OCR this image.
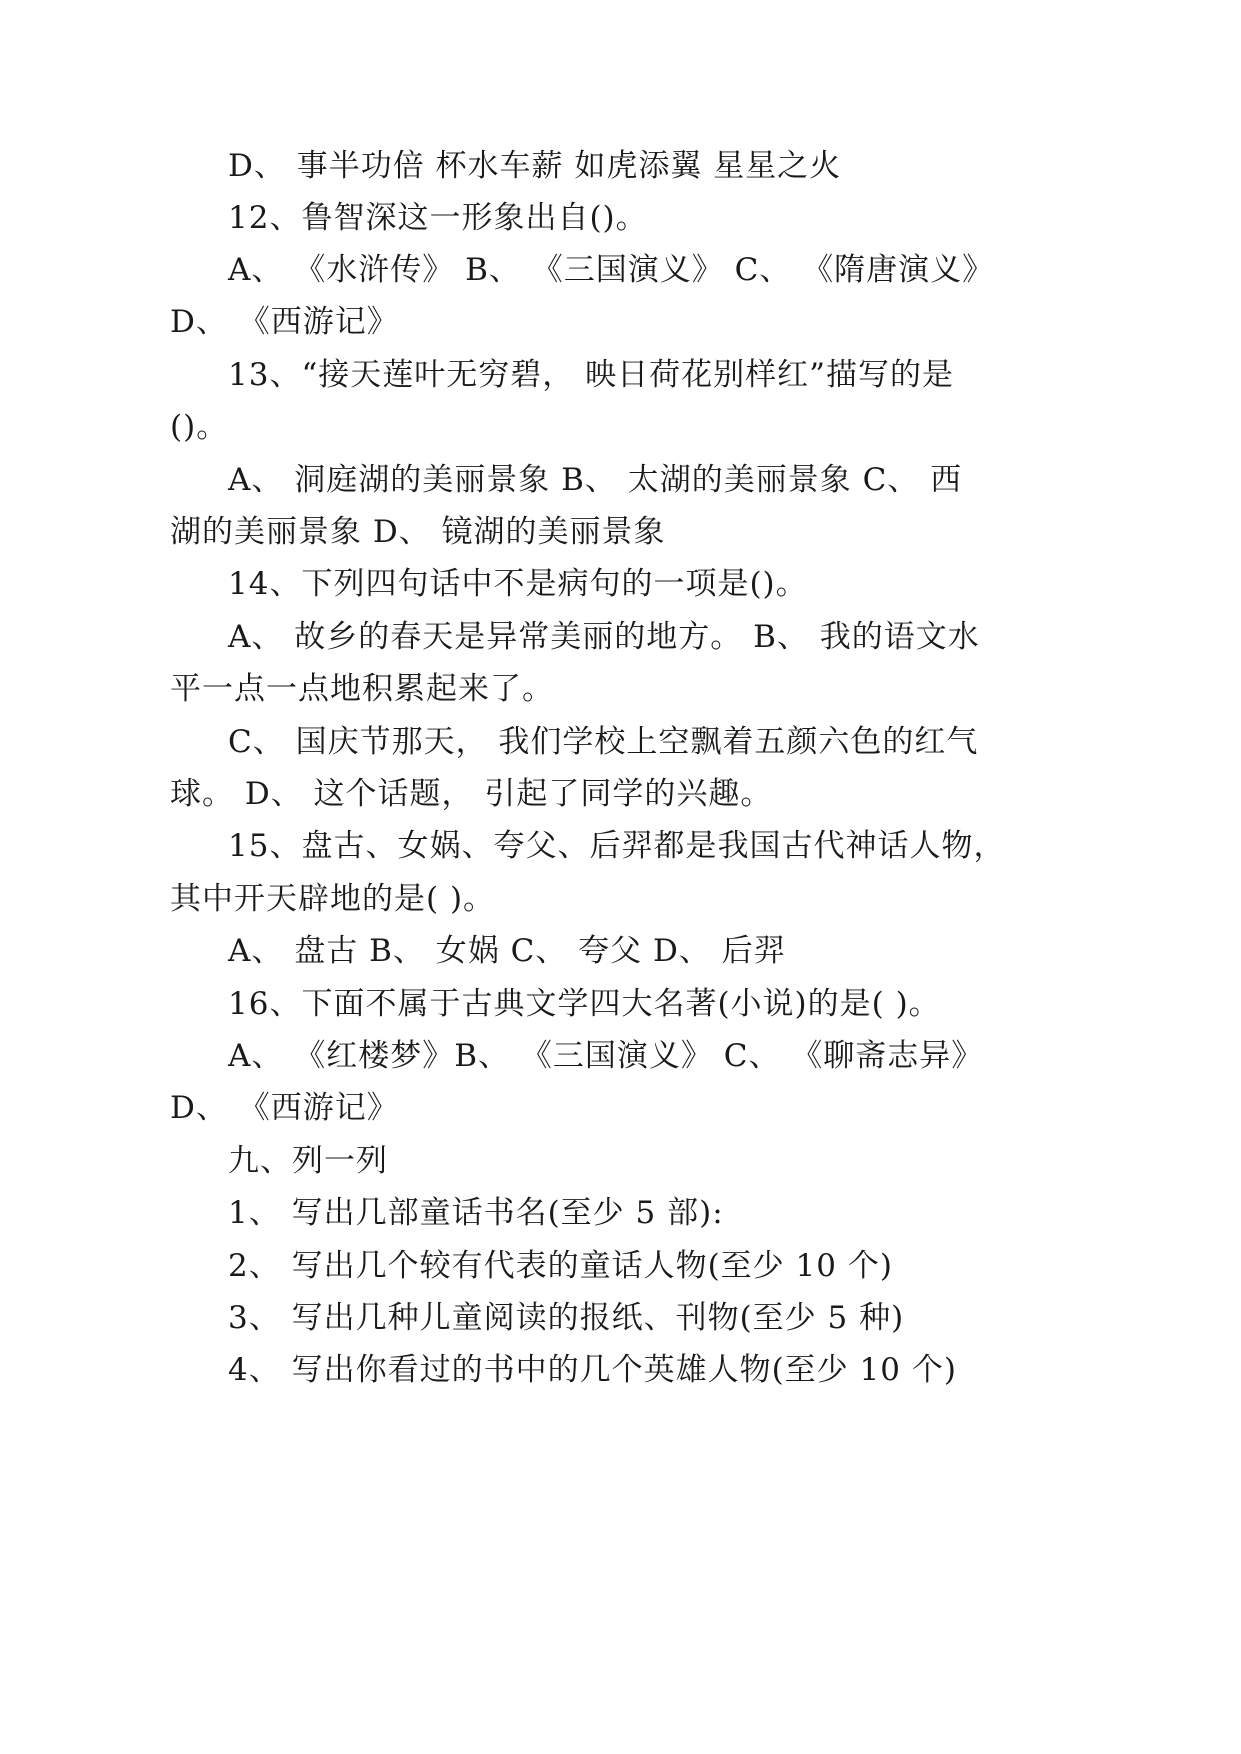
D、 事半功倍 杯水车薪 如虎添翼 星星之火
12、鲁智深这一形象出自()。
A、 《水浒传》 B、 《三国演义》 C、 《隋唐演义》
D、 《西游记》
13、“接天莲叶无穷碧， 映日荷花别样红”描写的是
()。
A、 洞庭湖的美丽景象 B、 太湖的美丽景象 C、 西
湖的美丽景象 D、 镜湖的美丽景象
14、下列四句话中不是病句的一项是()。
A、 故乡的春天是异常美丽的地方。 B、 我的语文水
平一点一点地积累起来了。
C、 国庆节那天， 我们学校上空飘着五颜六色的红气
球。 D、 这个话题， 引起了同学的兴趣。
15、盘古、女娲、夸父、后羿都是我国古代神话人物，
其中开天辟地的是( )。
A、 盘古 B、 女娲 C、 夸父 D、 后羿
16、下面不属于古典文学四大名著(小说)的是( )。
A、 《红楼梦》B、 《三国演义》 C、 《聊斋志异》
D、 《西游记》
九、列一列
1、 写出几部童话书名(至少 5 部):
2、 写出几个较有代表的童话人物(至少 10 个)
3、 写出几种儿童阅读的报纸、刊物(至少 5 种)
4、 写出你看过的书中的几个英雄人物(至少 10 个)
